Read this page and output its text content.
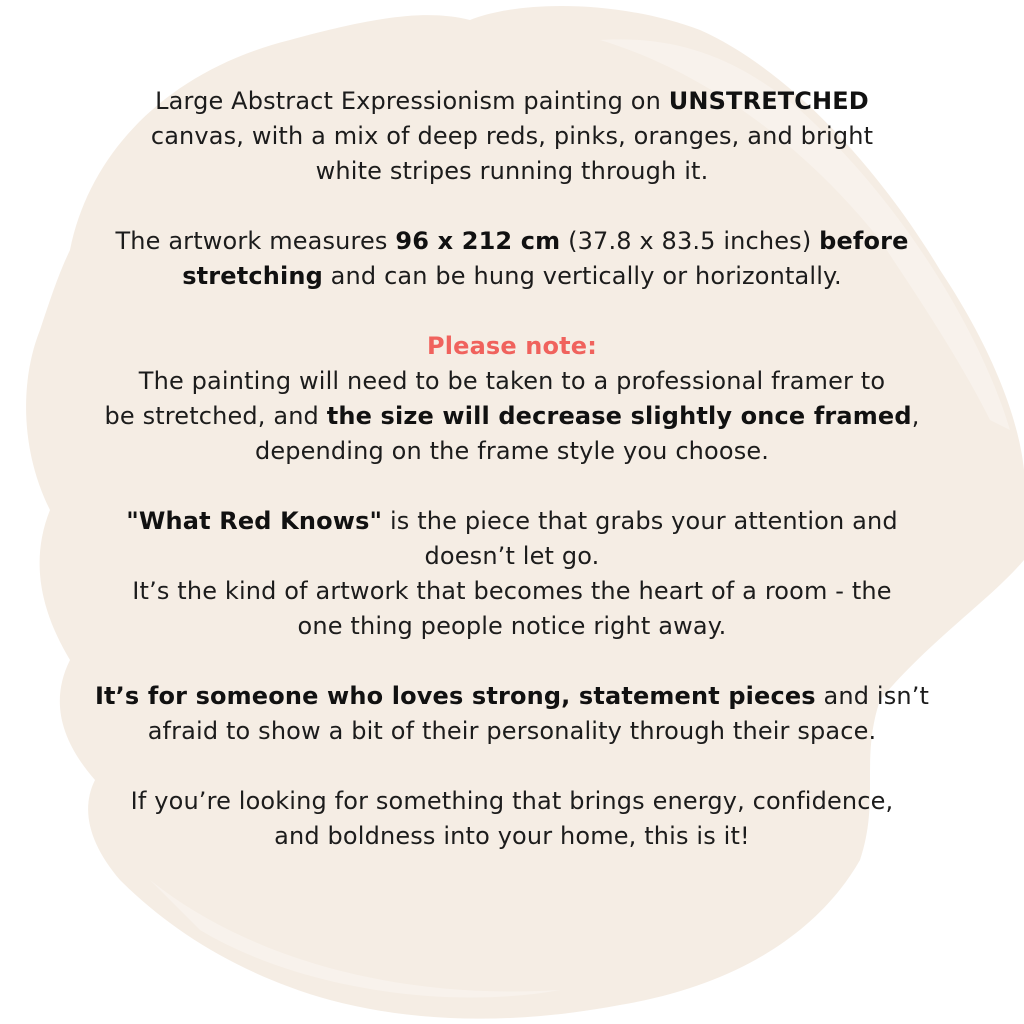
Large Abstract Expressionism painting on UNSTRETCHED
canvas, with a mix of deep reds, pinks, oranges, and bright
white stripes running through it.

The artwork measures 96 x 212 cm (37.8 x 83.5 inches) before
stretching and can be hung vertically or horizontally.

Please note:
The painting will need to be taken to a professional framer to
be stretched, and the size will decrease slightly once framed,
depending on the frame style you choose.

"What Red Knows" is the piece that grabs your attention and
doesn’t let go.
It’s the kind of artwork that becomes the heart of a room - the
one thing people notice right away.

It’s for someone who loves strong, statement pieces and isn’t
afraid to show a bit of their personality through their space.

If you’re looking for something that brings energy, confidence,
and boldness into your home, this is it!
